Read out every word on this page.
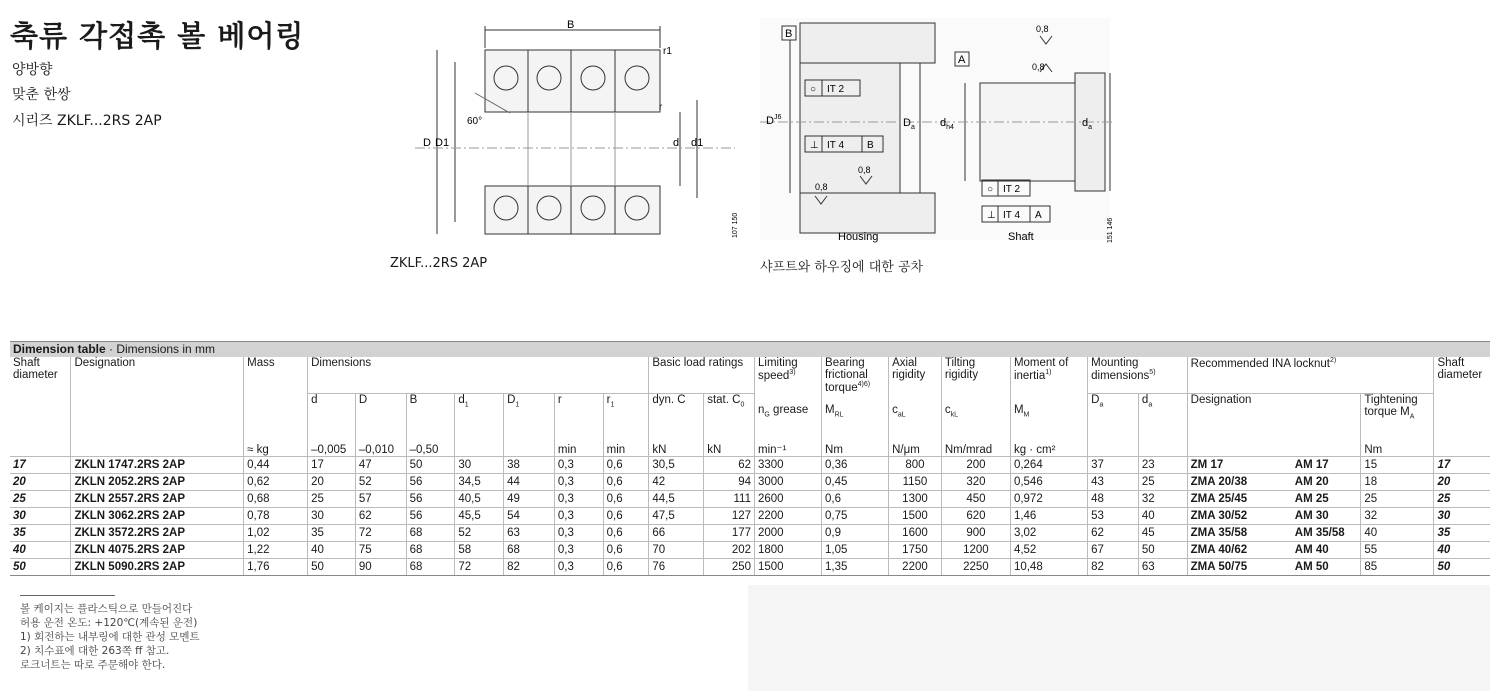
축류 각접촉 볼 베어링
양방향
맞춘 한쌍
시리즈 ZKLF...2RS 2AP
B
r1
r
60°
D D1	d d1
107 150
ZKLF...2RS 2AP
B
A
○ IT 2
⊥ IT 4 B
○ IT 2
⊥ IT 4 A
$D^{J6}$	$D_a$ $d_{h4}$	$d_a$
0,8
0,8
0,8
0,8
Housing	Shaft	151 146
샤프트와 하우징에 대한 공차
Dimension table · Dimensions in mm
Shaft diameter	Designation	Mass	Dimensions							Basic load ratings		Limiting speed$^{3)}$	Bearing frictional torque$^{4)6)}$	Axial rigidity	Tilting rigidity	Moment of inertia$^{1)}$	Mounting dimensions$^{5)}$		Recommended INA locknut$^{2)}$			Shaft diameter
			d	D	B	$d_1$	$D_1$	r	$r_1$	dyn. C	stat. $C_0$	$n_G$ grease	$M_{RL}$	$c_{aL}$	$c_{kL}$	$M_M$	$D_a$	$d_a$	Designation		Tightening torque $M_A$	
		≈ kg	–0,005	–0,010	–0,50			min	min	kN	kN	min⁻¹	Nm	N/μm	Nm/mrad	kg · cm²					Nm	
17	ZKLN 1747.2RS 2AP	0,44	17	47	50	30	38	0,3	0,6	30,5	62	3300	0,36	800	200	0,264	37	23	ZM 17	AM 17	15	17
20	ZKLN 2052.2RS 2AP	0,62	20	52	56	34,5	44	0,3	0,6	42	94	3000	0,45	1150	320	0,546	43	25	ZMA 20/38	AM 20	18	20
25	ZKLN 2557.2RS 2AP	0,68	25	57	56	40,5	49	0,3	0,6	44,5	111	2600	0,6	1300	450	0,972	48	32	ZMA 25/45	AM 25	25	25
30	ZKLN 3062.2RS 2AP	0,78	30	62	56	45,5	54	0,3	0,6	47,5	127	2200	0,75	1500	620	1,46	53	40	ZMA 30/52	AM 30	32	30
35	ZKLN 3572.2RS 2AP	1,02	35	72	68	52	63	0,3	0,6	66	177	2000	0,9	1600	900	3,02	62	45	ZMA 35/58	AM 35/58	40	35
40	ZKLN 4075.2RS 2AP	1,22	40	75	68	58	68	0,3	0,6	70	202	1800	1,05	1750	1200	4,52	67	50	ZMA 40/62	AM 40	55	40
50	ZKLN 5090.2RS 2AP	1,76	50	90	68	72	82	0,3	0,6	76	250	1500	1,35	2200	2250	10,48	82	63	ZMA 50/75	AM 50	85	50
볼 케이지는 플라스틱으로 만들어진다
허용 운전 온도: +120℃(계속된 운전)
1) 회전하는 내부링에 대한 관성 모멘트
2) 치수표에 대한 263쪽 ff 참고.
로크너트는 따로 주문해야 한다.
